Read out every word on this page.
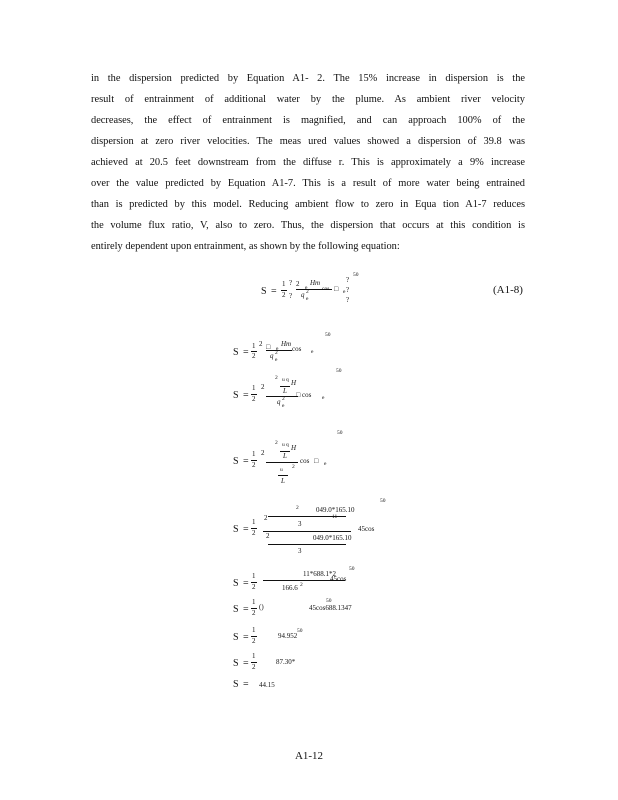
in the dispersion predicted by Equation A1- 2. The 15% increase in dispersion is the
result of entrainment of additional water by the plume. As ambient river velocity
decreases, the effect of entrainment is magnified, and can approach 100% of the
dispersion at zero river velocities. The meas ured values showed a dispersion of 39.8 was
achieved at 20.5 feet downstream from the diffuse r. This is approximately a 9% increase
over the value predicted by Equation A1-7. This is a result of more water being entrained
than is predicted by this model. Reducing ambient flow to zero in Equa tion A1-7 reduces
the volume flux ratio, V, also to zero. Thus, the dispersion that occurs at this condition is
entirely dependent upon entrainment, as shown by the following equation:
S =
1
2
?
?
2 e
Hm
q 2
e
cos □ e
?
?
?
50
(A1-8)
S =
1
2
2 □ e
Hm
q 2
e
cos e
50
S =
1
2
2
2 u q H
L
q 2
e
□ cos e
50
S =
1
2
2
2 u q H
L
u
L
2
cos □ e
50
S =
1
2
2
2 049.0*165.10
11
3
2	049.0*165.10
3
45cos
50
S =
1
2
11*688.1*2
166.6 2
45cos
50
S =
1
2
()	45cos688.1347
50
S =
1
2
94.952
50
S =
1
2
87.30*
S = 44.15
A1-12
